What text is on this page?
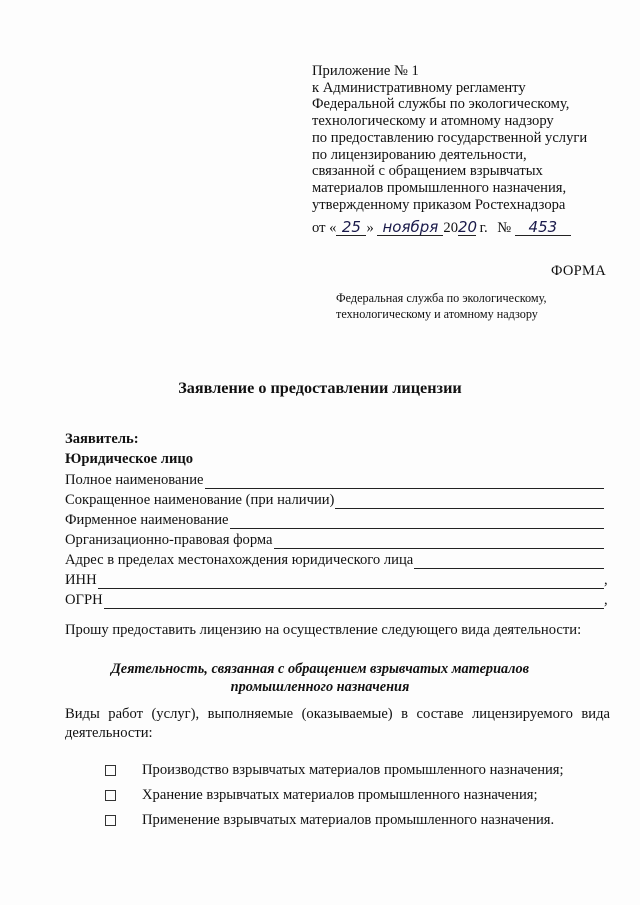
Приложение № 1
к Административному регламенту
Федеральной службы по экологическому,
технологическому и атомному надзору
по предоставлению государственной услуги
по лицензированию деятельности,
связанной с обращением взрывчатых
материалов промышленного назначения,
утвержденному приказом Ростехнадзора
от « 25 » ноября 2020 г. № 453
ФОРМА
Федеральная служба по экологическому,
технологическому и атомному надзору
Заявление о предоставлении лицензии
Заявитель:
Юридическое лицо
Полное наименование
Сокращенное наименование (при наличии)
Фирменное наименование
Организационно-правовая форма
Адрес в пределах местонахождения юридического лица
ИНН	,
ОГРН	,
Прошу предоставить лицензию на осуществление следующего вида деятельности:
Деятельность, связанная с обращением взрывчатых материалов
промышленного назначения
Виды работ (услуг), выполняемые (оказываемые) в составе лицензируемого вида деятельности:
Производство взрывчатых материалов промышленного назначения;
Хранение взрывчатых материалов промышленного назначения;
Применение взрывчатых материалов промышленного назначения.
